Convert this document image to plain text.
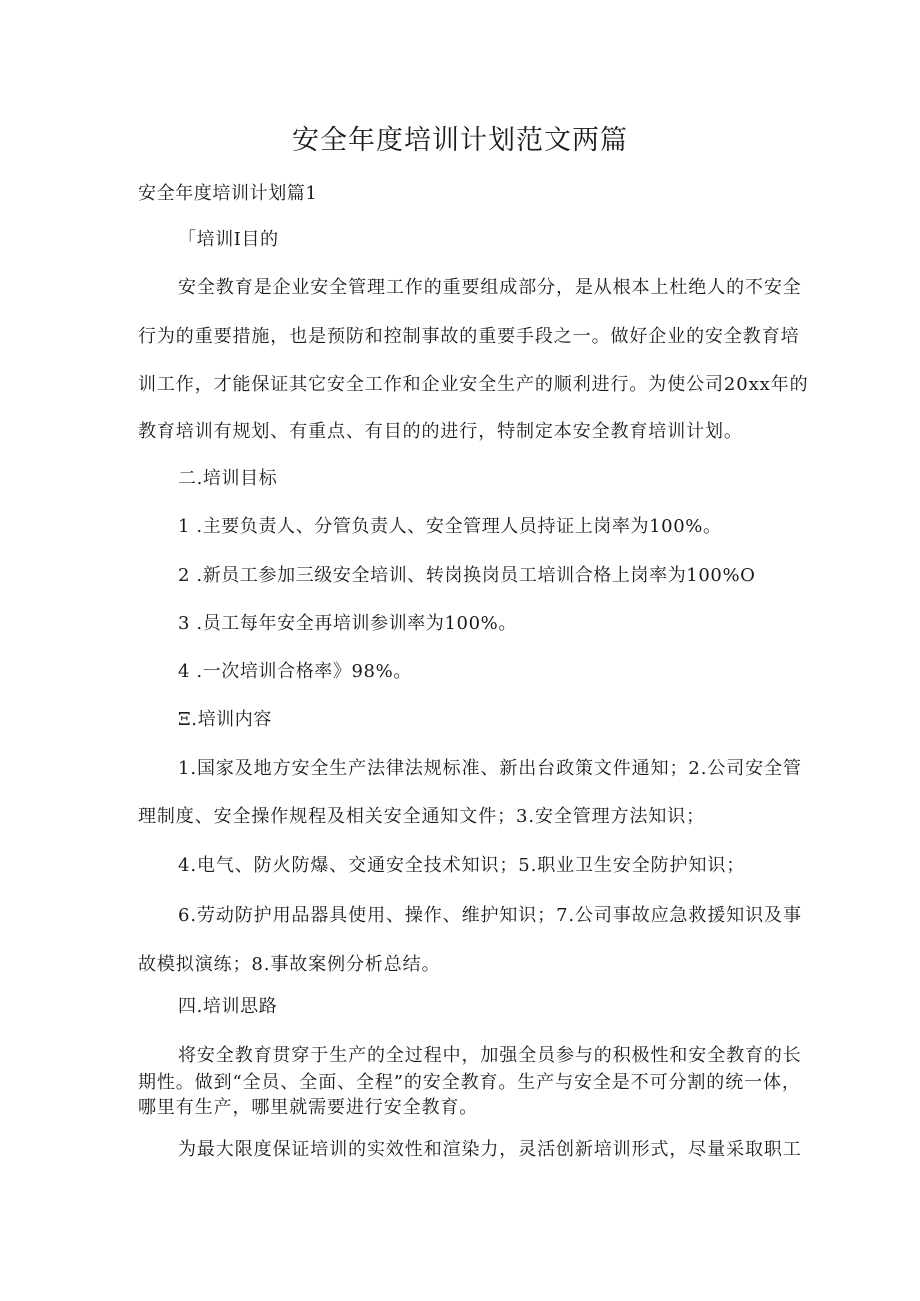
安全年度培训计划范文两篇
安全年度培训计划篇1
「培训I目的
安全教育是企业安全管理工作的重要组成部分，是从根本上杜绝人的不安全
行为的重要措施，也是预防和控制事故的重要手段之一。做好企业的安全教育培
训工作，才能保证其它安全工作和企业安全生产的顺利进行。为使公司20xx年的
教育培训有规划、有重点、有目的的进行，特制定本安全教育培训计划。
二.培训目标
1 .主要负责人、分管负责人、安全管理人员持证上岗率为100%。
2 .新员工参加三级安全培训、转岗换岗员工培训合格上岗率为100%O
3 .员工每年安全再培训参训率为100%。
4 .一次培训合格率》98%。
Ξ.培训内容
1.国家及地方安全生产法律法规标准、新出台政策文件通知；2.公司安全管
理制度、安全操作规程及相关安全通知文件；3.安全管理方法知识；
4.电气、防火防爆、交通安全技术知识；5.职业卫生安全防护知识；
6.劳动防护用品器具使用、操作、维护知识；7.公司事故应急救援知识及事
故模拟演练；8.事故案例分析总结。
四.培训思路
将安全教育贯穿于生产的全过程中，加强全员参与的积极性和安全教育的长
期性。做到“全员、全面、全程”的安全教育。生产与安全是不可分割的统一体，
哪里有生产，哪里就需要进行安全教育。
为最大限度保证培训的实效性和渲染力，灵活创新培训形式，尽量采取职工
